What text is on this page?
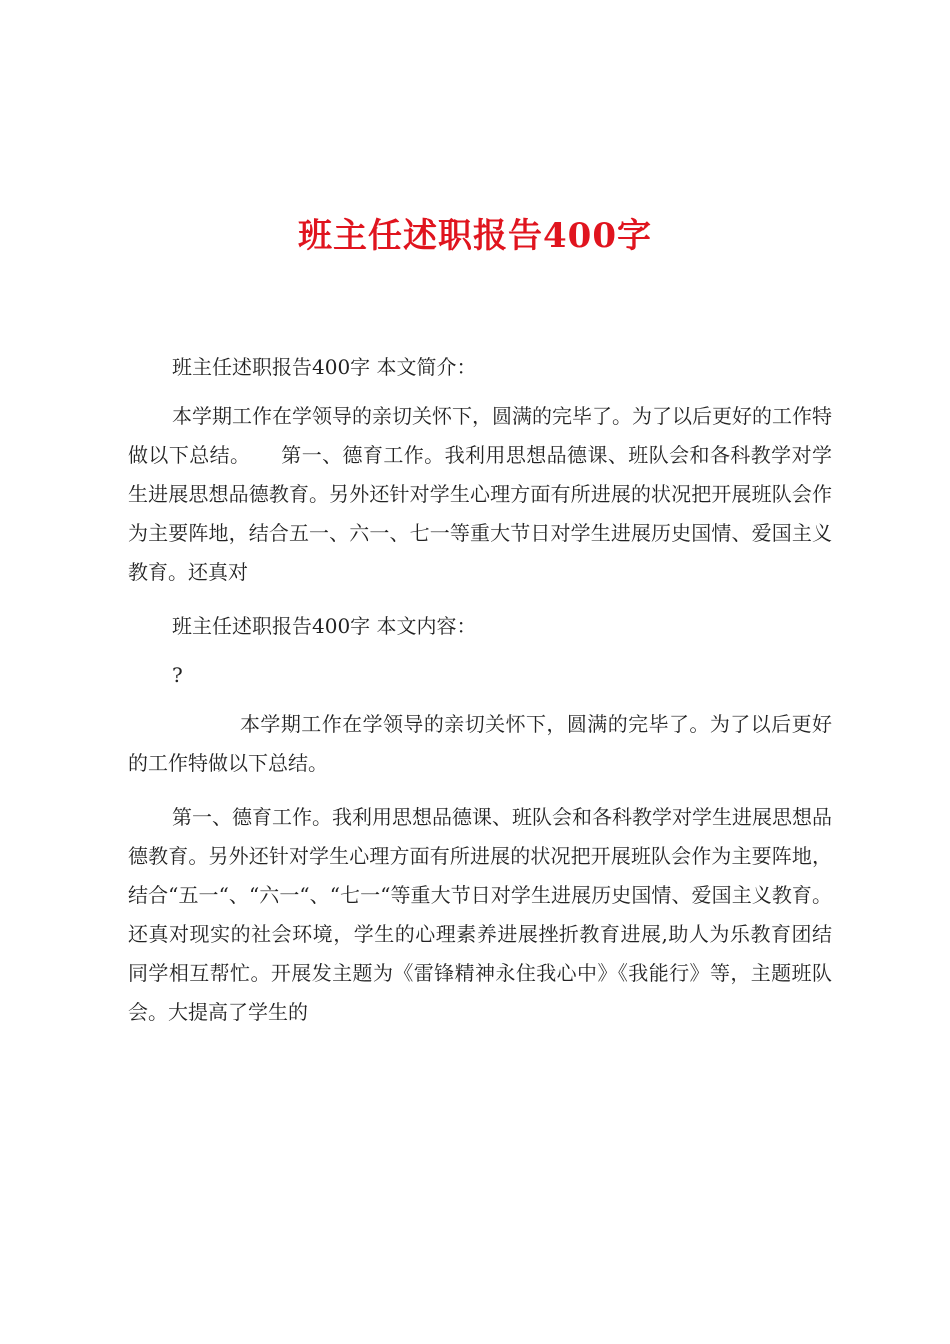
班主任述职报告400字

班主任述职报告400字 本文简介：

本学期工作在学领导的亲切关怀下，圆满的完毕了。为了以后更好的工作特做以下总结。　　第一、德育工作。我利用思想品德课、班队会和各科教学对学生进展思想品德教育。另外还针对学生心理方面有所进展的状况把开展班队会作为主要阵地，结合五一、六一、七一等重大节日对学生进展历史国情、爱国主义教育。还真对

班主任述职报告400字 本文内容：

?

本学期工作在学领导的亲切关怀下，圆满的完毕了。为了以后更好的工作特做以下总结。

第一、德育工作。我利用思想品德课、班队会和各科教学对学生进展思想品德教育。另外还针对学生心理方面有所进展的状况把开展班队会作为主要阵地，结合“五一“、“六一“、“七一“等重大节日对学生进展历史国情、爱国主义教育。还真对现实的社会环境，学生的心理素养进展挫折教育进展,助人为乐教育团结同学相互帮忙。开展发主题为《雷锋精神永住我心中》《我能行》等，主题班队会。大提高了学生的
